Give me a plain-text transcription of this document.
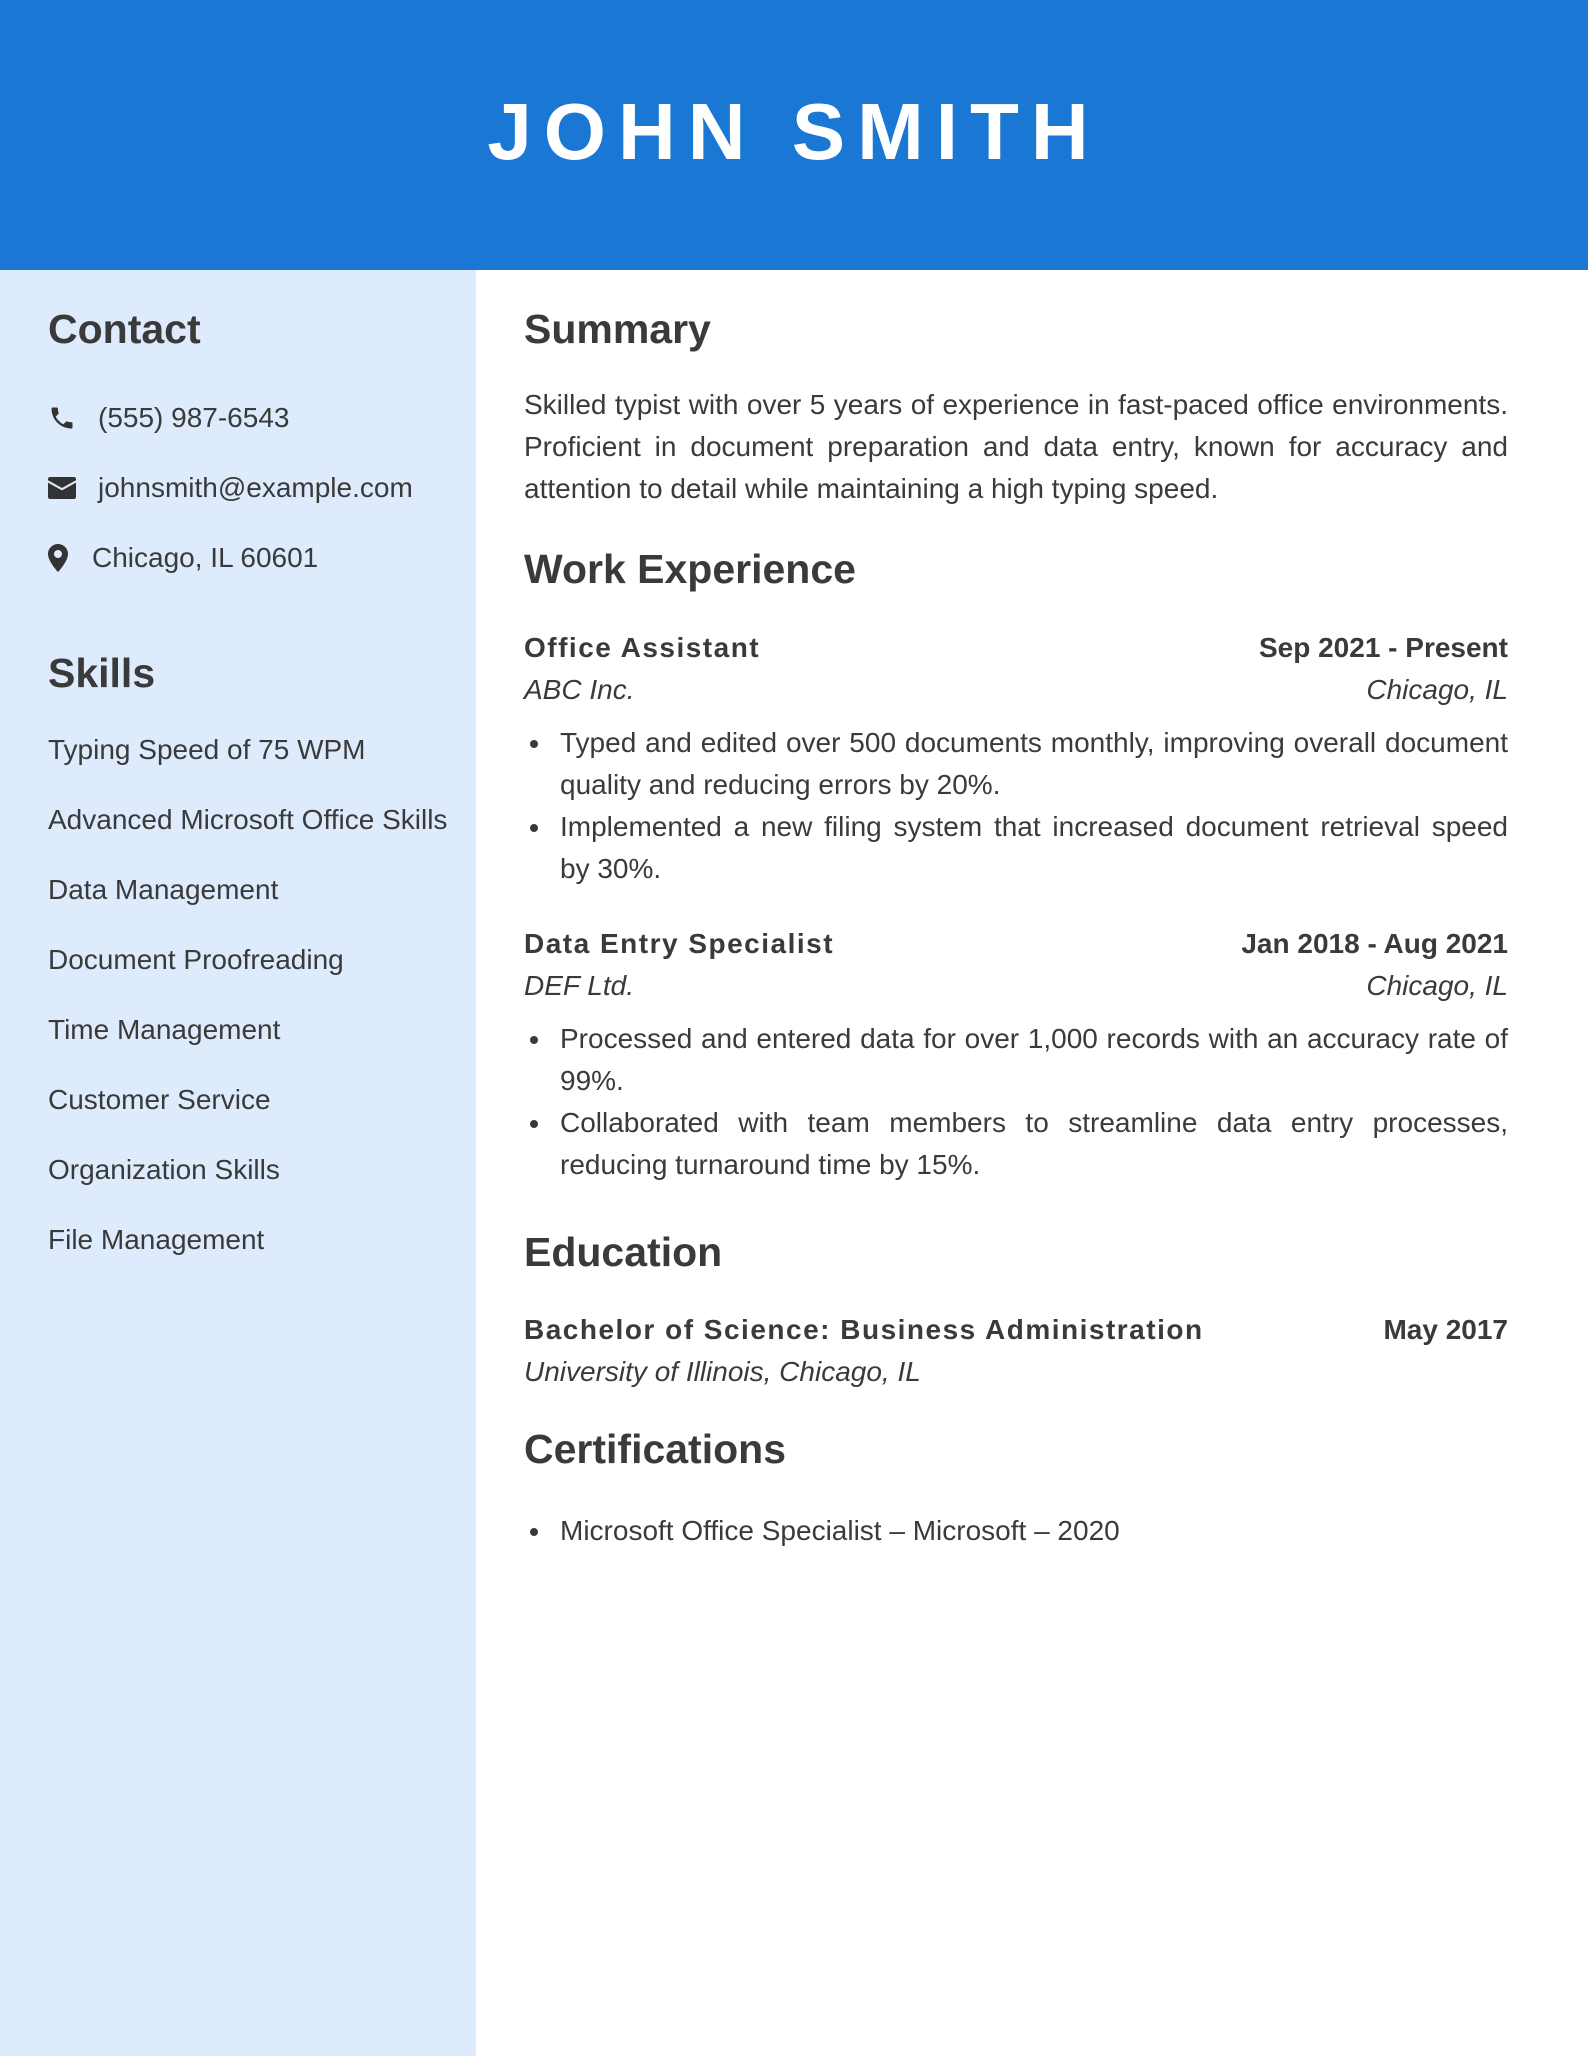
JOHN SMITH
Contact
(555) 987-6543
johnsmith@example.com
Chicago, IL 60601
Skills
Typing Speed of 75 WPM
Advanced Microsoft Office Skills
Data Management
Document Proofreading
Time Management
Customer Service
Organization Skills
File Management
Summary

Skilled typist with over 5 years of experience in fast-paced office environments. Proficient in document preparation and data entry, known for accuracy and attention to detail while maintaining a high typing speed.

Work Experience
Office Assistant	Sep 2021 - Present
ABC Inc.	Chicago, IL
Typed and edited over 500 documents monthly, improving overall document quality and reducing errors by 20%.
Implemented a new filing system that increased document retrieval speed by 30%.
Data Entry Specialist	Jan 2018 - Aug 2021
DEF Ltd.	Chicago, IL
Processed and entered data for over 1,000 records with an accuracy rate of 99%.
Collaborated with team members to streamline data entry processes, reducing turnaround time by 15%.
Education
Bachelor of Science: Business Administration	May 2017
University of Illinois, Chicago, IL
Certifications
Microsoft Office Specialist – Microsoft – 2020
